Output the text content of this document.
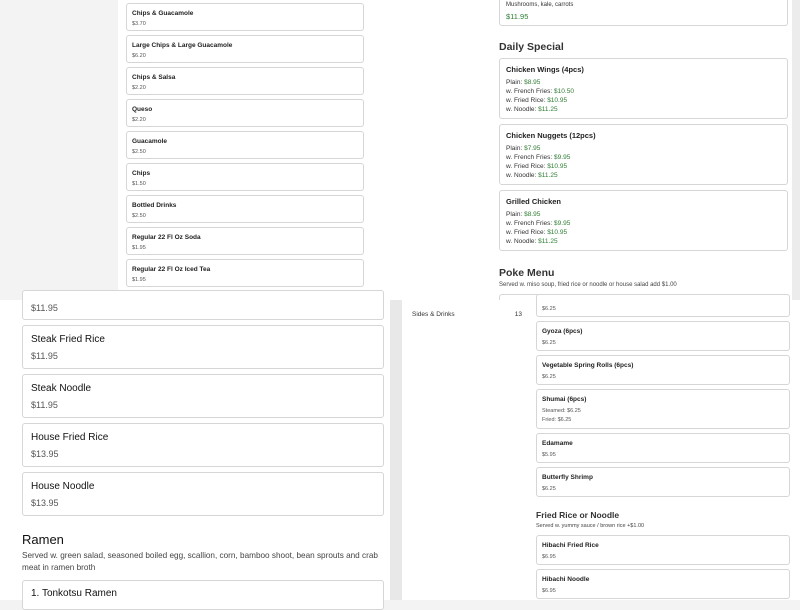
Chips & Guacamole
$3.70
Large Chips & Large Guacamole
$6.20
Chips & Salsa
$2.20
Queso
$2.20
Guacamole
$2.50
Chips
$1.50
Bottled Drinks
$2.50
Regular 22 Fl Oz Soda
$1.95
Regular 22 Fl Oz Iced Tea
$1.95
Mushrooms, kale, carrots
$11.95
Daily Special
Chicken Wings (4pcs)
Plain: $8.95
w. French Fries: $10.50
w. Fried Rice: $10.95
w. Noodle: $11.25
Chicken Nuggets (12pcs)
Plain: $7.95
w. French Fries: $9.95
w. Fried Rice: $10.95
w. Noodle: $11.25
Grilled Chicken
Plain: $8.95
w. French Fries: $9.95
w. Fried Rice: $10.95
w. Noodle: $11.25
Poke Menu
Served w. miso soup, fried rice or noodle or house salad add $1.00
$11.95
Steak Fried Rice
$11.95
Steak Noodle
$11.95
House Fried Rice
$13.95
House Noodle
$13.95
Ramen
Served w. green salad, seasoned boiled egg, scallion, corn, bamboo shoot, bean sprouts and crab meat in ramen broth
1. Tonkotsu Ramen
Sides & Drinks	13
$6.25
Gyoza (6pcs)
$6.25
Vegetable Spring Rolls (6pcs)
$6.25
Shumai (6pcs)
Steamed: $6.25
Fried: $6.25
Edamame
$5.95
Butterfly Shrimp
$6.25
Fried Rice or Noodle
Served w. yummy sauce / brown rice +$1.00
Hibachi Fried Rice
$6.95
Hibachi Noodle
$6.95
